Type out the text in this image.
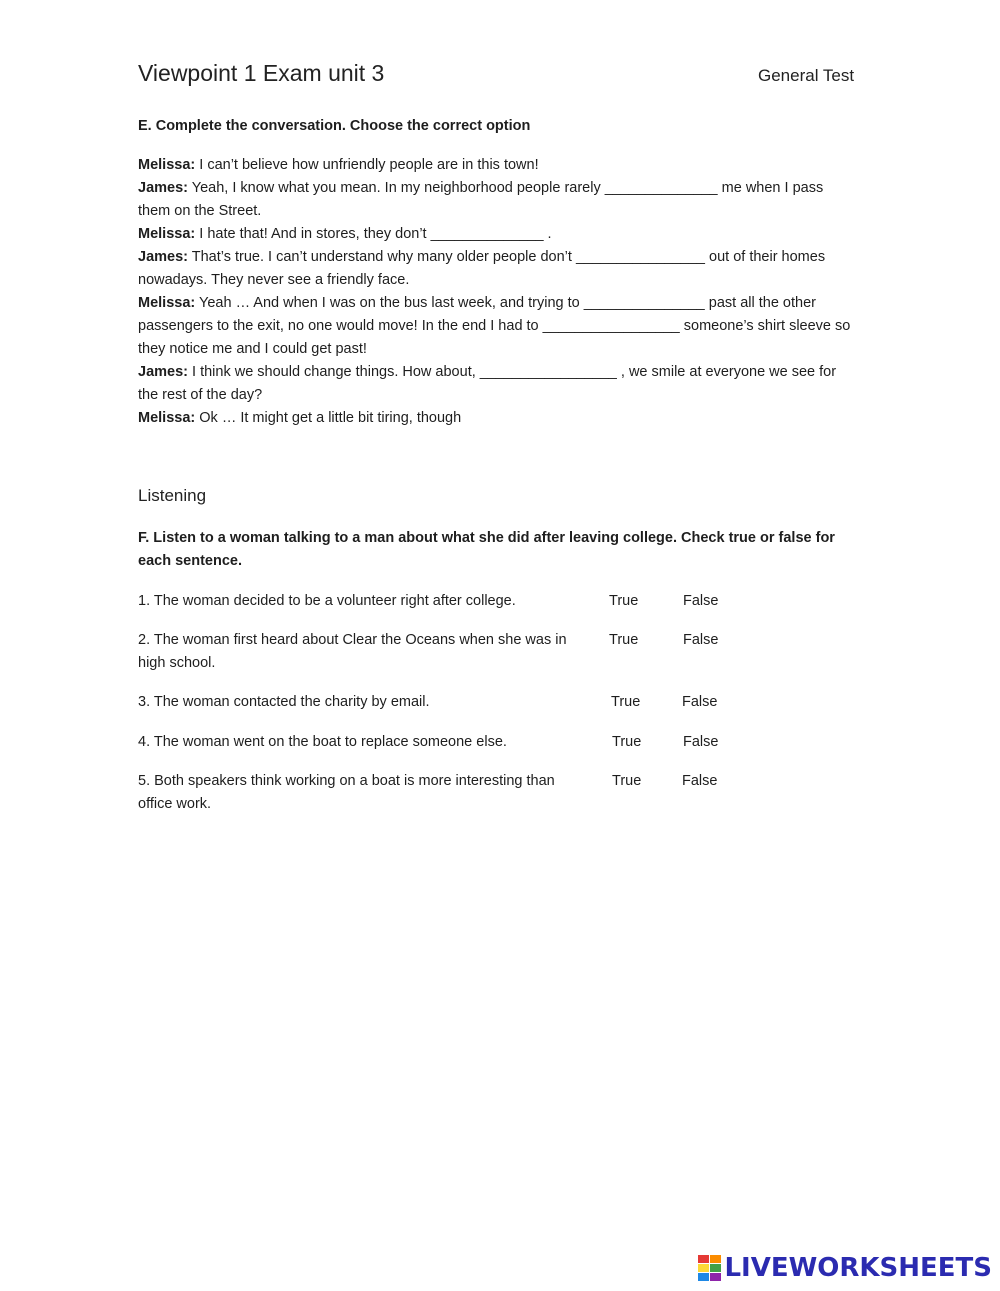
Viewpoint 1 Exam unit 3	General Test
E. Complete the conversation. Choose the correct option

Melissa: I can’t believe how unfriendly people are in this town!

James: Yeah, I know what you mean. In my neighborhood people rarely ______________ me when I pass them on the Street.

Melissa: I hate that! And in stores, they don’t ______________ .

James: That’s true. I can’t understand why many older people don’t ________________ out of their homes nowadays. They never see a friendly face.

Melissa: Yeah … And when I was on the bus last week, and trying to _______________ past all the other passengers to the exit, no one would move! In the end I had to _________________ someone’s shirt sleeve so they notice me and I could get past!

James: I think we should change things. How about, _________________ , we smile at everyone we see for the rest of the day?

Melissa: Ok … It might get a little bit tiring, though

Listening
F. Listen to a woman talking to a man about what she did after leaving college. Check true or false for each sentence.
1. The woman decided to be a volunteer right after college.	True	False
2. The woman first heard about Clear the Oceans when she was in high school.
True	False
3. The woman contacted the charity by email.	True	False
4. The woman went on the boat to replace someone else.	True	False
5. Both speakers think working on a boat is more interesting than office work.
True	False
LIVEWORKSHEETS
